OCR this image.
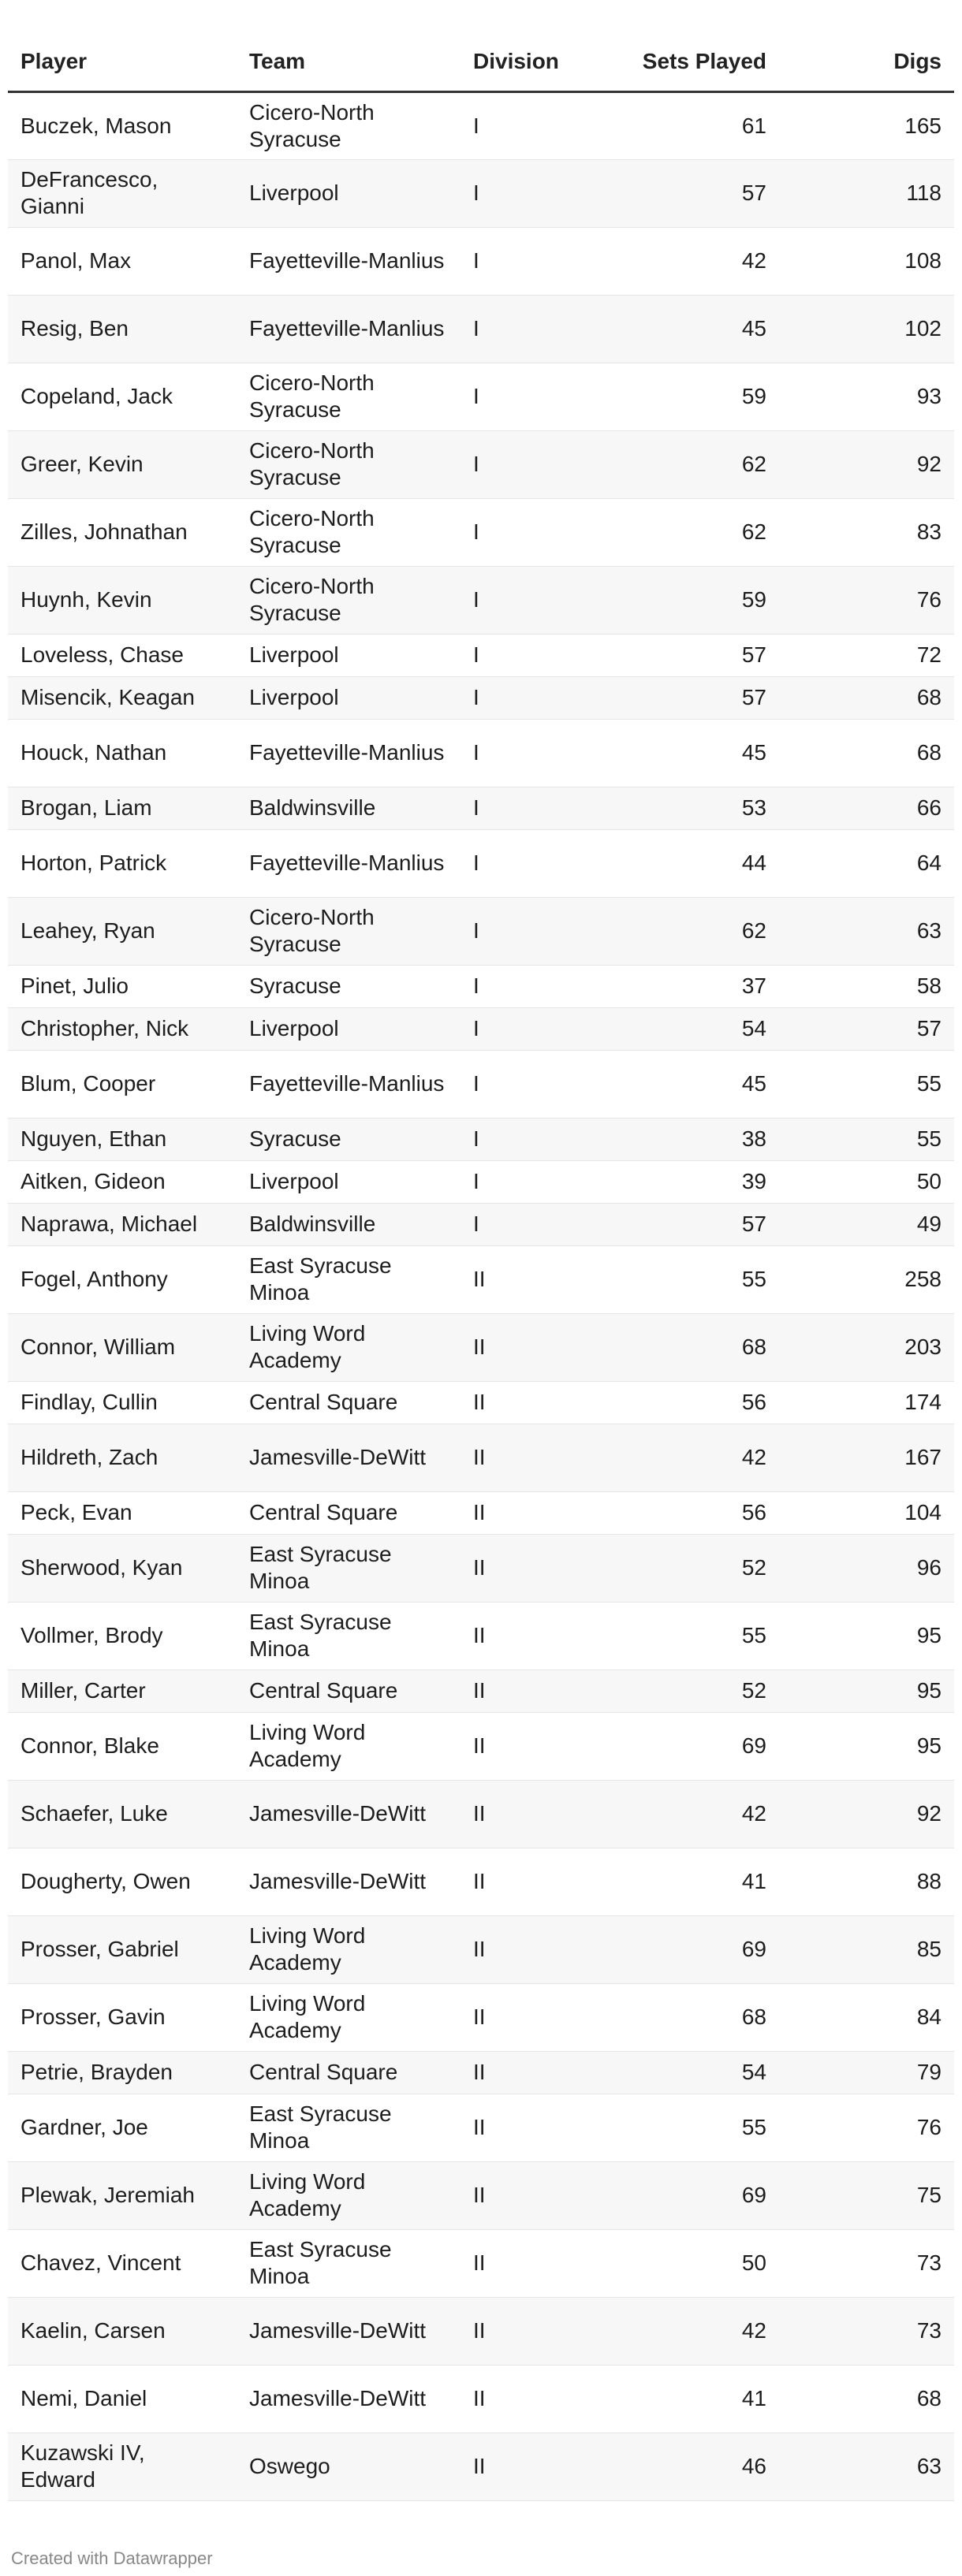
Player	Team	Division	Sets Played	Digs
Buczek, Mason	Cicero-North Syracuse	I	61	165
DeFrancesco, Gianni	Liverpool	I	57	118
Panol, Max	Fayetteville-Manlius	I	42	108
Resig, Ben	Fayetteville-Manlius	I	45	102
Copeland, Jack	Cicero-North Syracuse	I	59	93
Greer, Kevin	Cicero-North Syracuse	I	62	92
Zilles, Johnathan	Cicero-North Syracuse	I	62	83
Huynh, Kevin	Cicero-North Syracuse	I	59	76
Loveless, Chase	Liverpool	I	57	72
Misencik, Keagan	Liverpool	I	57	68
Houck, Nathan	Fayetteville-Manlius	I	45	68
Brogan, Liam	Baldwinsville	I	53	66
Horton, Patrick	Fayetteville-Manlius	I	44	64
Leahey, Ryan	Cicero-North Syracuse	I	62	63
Pinet, Julio	Syracuse	I	37	58
Christopher, Nick	Liverpool	I	54	57
Blum, Cooper	Fayetteville-Manlius	I	45	55
Nguyen, Ethan	Syracuse	I	38	55
Aitken, Gideon	Liverpool	I	39	50
Naprawa, Michael	Baldwinsville	I	57	49
Fogel, Anthony	East Syracuse Minoa	II	55	258
Connor, William	Living Word Academy	II	68	203
Findlay, Cullin	Central Square	II	56	174
Hildreth, Zach	Jamesville-DeWitt	II	42	167
Peck, Evan	Central Square	II	56	104
Sherwood, Kyan	East Syracuse Minoa	II	52	96
Vollmer, Brody	East Syracuse Minoa	II	55	95
Miller, Carter	Central Square	II	52	95
Connor, Blake	Living Word Academy	II	69	95
Schaefer, Luke	Jamesville-DeWitt	II	42	92
Dougherty, Owen	Jamesville-DeWitt	II	41	88
Prosser, Gabriel	Living Word Academy	II	69	85
Prosser, Gavin	Living Word Academy	II	68	84
Petrie, Brayden	Central Square	II	54	79
Gardner, Joe	East Syracuse Minoa	II	55	76
Plewak, Jeremiah	Living Word Academy	II	69	75
Chavez, Vincent	East Syracuse Minoa	II	50	73
Kaelin, Carsen	Jamesville-DeWitt	II	42	73
Nemi, Daniel	Jamesville-DeWitt	II	41	68
Kuzawski IV, Edward	Oswego	II	46	63
Created with Datawrapper
